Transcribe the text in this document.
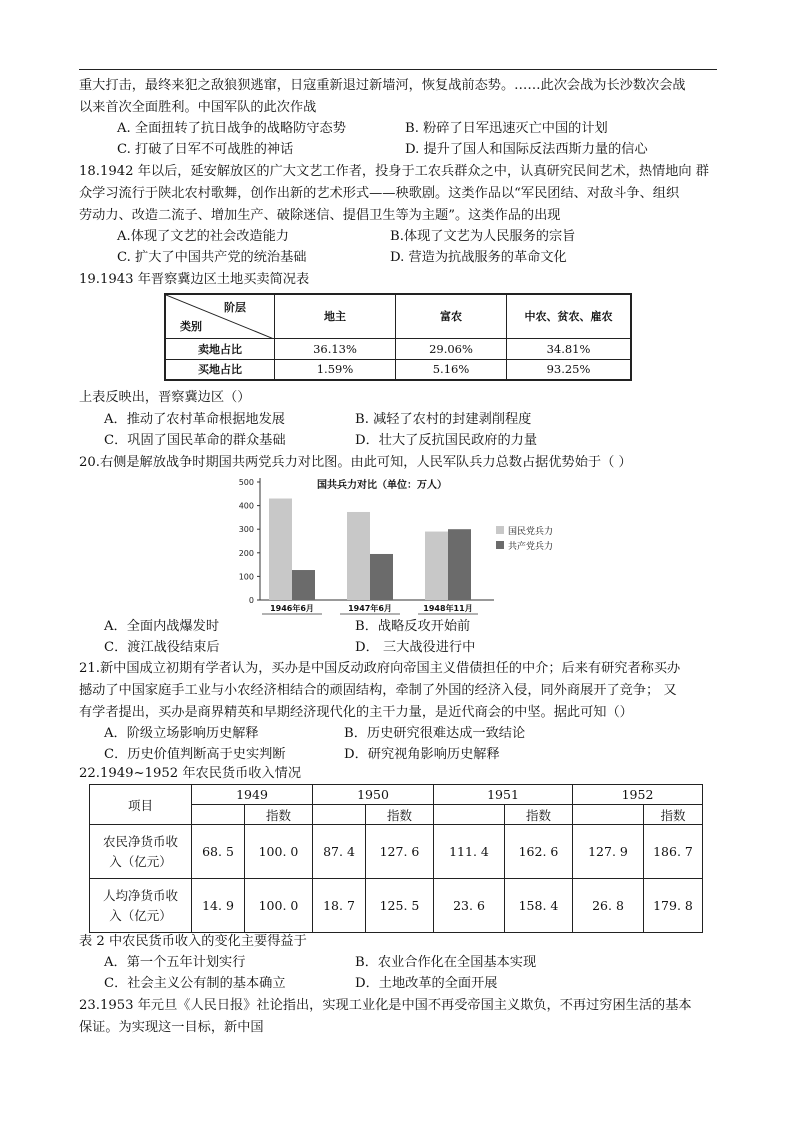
重大打击，最终来犯之敌狼狈逃窜，日寇重新退过新墙河，恢复战前态势。……此次会战为长沙数次会战
以来首次全面胜利。中国军队的此次作战
A. 全面扭转了抗日战争的战略防守态势	B. 粉碎了日军迅速灭亡中国的计划
C. 打破了日军不可战胜的神话	D. 提升了国人和国际反法西斯力量的信心
18.1942 年以后，延安解放区的广大文艺工作者，投身于工农兵群众之中，认真研究民间艺术，热情地向 群
众学习流行于陕北农村歌舞，创作出新的艺术形式——秧歌剧。这类作品以“军民团结、对敌斗争、组织
劳动力、改造二流子、增加生产、破除迷信、提倡卫生等为主题”。这类作品的出现
A.体现了文艺的社会改造能力	B.体现了文艺为人民服务的宗旨
C. 扩大了中国共产党的统治基础	D. 营造为抗战服务的革命文化
19.1943 年晋察冀边区土地买卖简况表
阶层
类别	地主	富农	中农、贫农、雇农
卖地占比	36.13%	29.06%	34.81%
买地占比	1.59%	5.16%	93.25%
上表反映出，晋察冀边区（）
A．推动了农村革命根据地发展	B. 减轻了农村的封建剥削程度
C．巩固了国民革命的群众基础	D．壮大了反抗国民政府的力量
20.右侧是解放战争时期国共两党兵力对比图。由此可知，人民军队兵力总数占据优势始于（ ）
0
100
200
300
400
500	国共兵力对比（单位：万人）
1946年6月	1947年6月	1948年11月
国民党兵力
共产党兵力
A．全面内战爆发时	B．战略反攻开始前
C．渡江战役结束后	D． 三大战役进行中
21.新中国成立初期有学者认为，买办是中国反动政府向帝国主义借债担任的中介；后来有研究者称买办
撼动了中国家庭手工业与小农经济相结合的顽固结构，牵制了外国的经济入侵，同外商展开了竞争； 又
有学者提出，买办是商界精英和早期经济现代化的主干力量，是近代商会的中坚。据此可知（）
A．阶级立场影响历史解释	B．历史研究很难达成一致结论
C．历史价值判断高于史实判断	D．研究视角影响历史解释
22.1949~1952 年农民货币收入情况
项目	1949		1950		1951		1952	
		指数		指数		指数		指数
农民净货币收
入（亿元）	68. 5	100. 0	87. 4	127. 6	111. 4	162. 6	127. 9	186. 7
人均净货币收
入（亿元）	14. 9	100. 0	18. 7	125. 5	23. 6	158. 4	26. 8	179. 8
表 2 中农民货币收入的变化主要得益于
A．第一个五年计划实行	B．农业合作化在全国基本实现
C．社会主义公有制的基本确立	D．土地改革的全面开展
23.1953 年元旦《人民日报》社论指出，实现工业化是中国不再受帝国主义欺负，不再过穷困生活的基本
保证。为实现这一目标，新中国
